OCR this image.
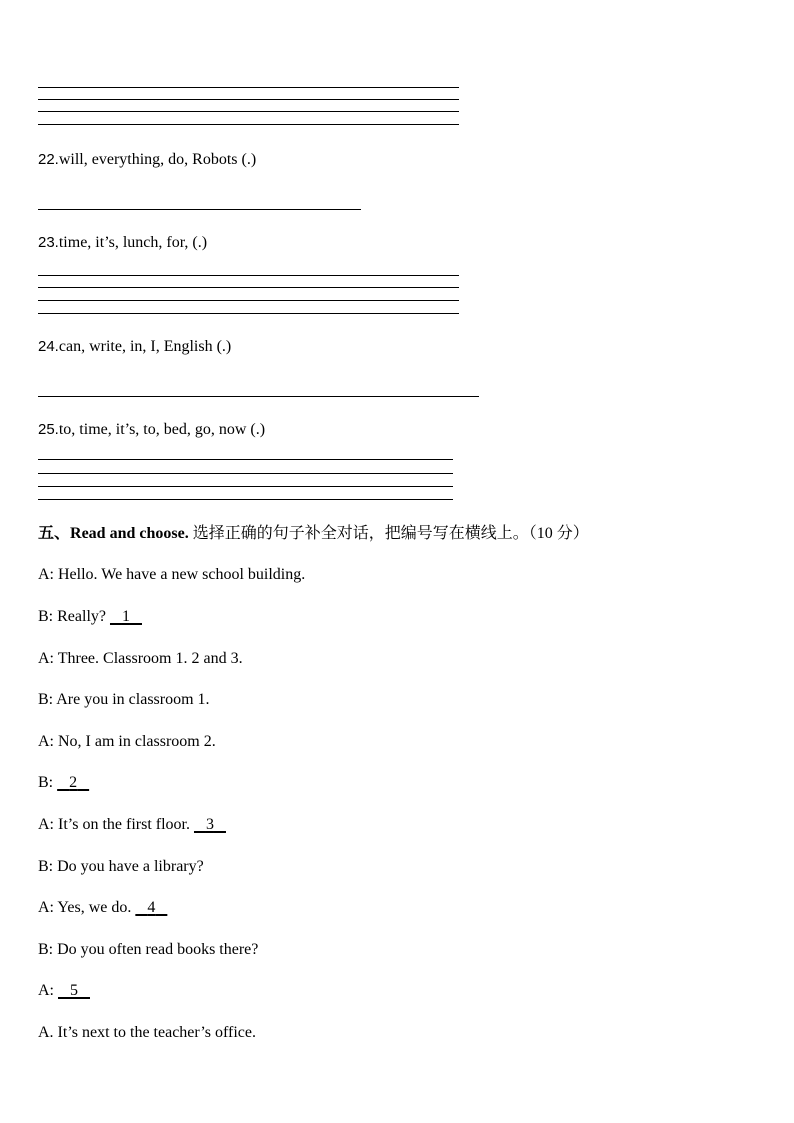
22.will, everything, do, Robots (.)
23.time, it’s, lunch, for, (.)
24.can, write, in, I, English (.)
25.to, time, it’s, to, bed, go, now (.)
五、Read and choose. 选择正确的句子补全对话，把编号写在横线上。（10 分）
A: Hello. We have a new school building.
B: Really?    1
A: Three. Classroom 1. 2 and 3.
B: Are you in classroom 1.
A: No, I am in classroom 2.
B:    2
A: It’s on the first floor.    3
B: Do you have a library?
A: Yes, we do.    4
B: Do you often read books there?
A:    5
A. It’s next to the teacher’s office.
